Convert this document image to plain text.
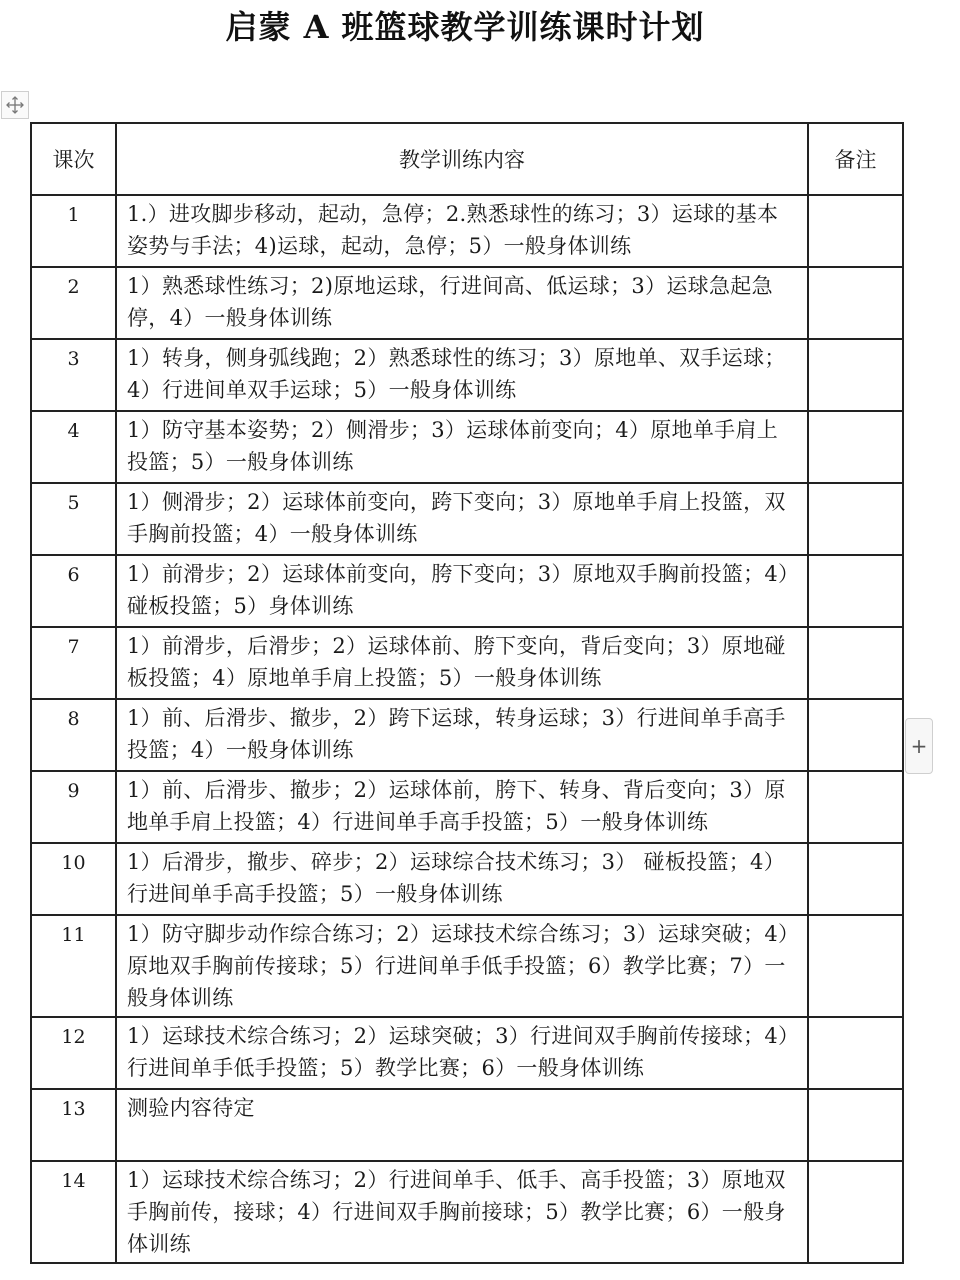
启蒙 A 班篮球教学训练课时计划
课次	教学训练内容	备注
1	1.）进攻脚步移动，起动，急停；2.熟悉球性的练习；3）运球的基本姿势与手法；4)运球，起动，急停；5）一般身体训练	
2	1）熟悉球性练习；2)原地运球，行进间高、低运球；3）运球急起急停，4）一般身体训练	
3	1）转身，侧身弧线跑；2）熟悉球性的练习；3）原地单、双手运球；4）行进间单双手运球；5）一般身体训练	
4	1）防守基本姿势；2）侧滑步；3）运球体前变向；4）原地单手肩上投篮；5）一般身体训练	
5	1）侧滑步；2）运球体前变向，跨下变向；3）原地单手肩上投篮，双手胸前投篮；4）一般身体训练	
6	1）前滑步；2）运球体前变向，胯下变向；3）原地双手胸前投篮；4）碰板投篮；5）身体训练	
7	1）前滑步，后滑步；2）运球体前、胯下变向，背后变向；3）原地碰板投篮；4）原地单手肩上投篮；5）一般身体训练	
8	1）前、后滑步、撤步，2）跨下运球，转身运球；3）行进间单手高手投篮；4）一般身体训练	
9	1）前、后滑步、撤步；2）运球体前，胯下、转身、背后变向；3）原地单手肩上投篮；4）行进间单手高手投篮；5）一般身体训练	
10	1）后滑步，撤步、碎步；2）运球综合技术练习；3） 碰板投篮；4）行进间单手高手投篮；5）一般身体训练	
11	1）防守脚步动作综合练习；2）运球技术综合练习；3）运球突破；4）原地双手胸前传接球；5）行进间单手低手投篮；6）教学比赛；7）一般身体训练	
12	1）运球技术综合练习；2）运球突破；3）行进间双手胸前传接球；4）行进间单手低手投篮；5）教学比赛；6）一般身体训练	
13	测验内容待定	
14	1）运球技术综合练习；2）行进间单手、低手、高手投篮；3）原地双手胸前传，接球；4）行进间双手胸前接球；5）教学比赛；6）一般身体训练	
+
